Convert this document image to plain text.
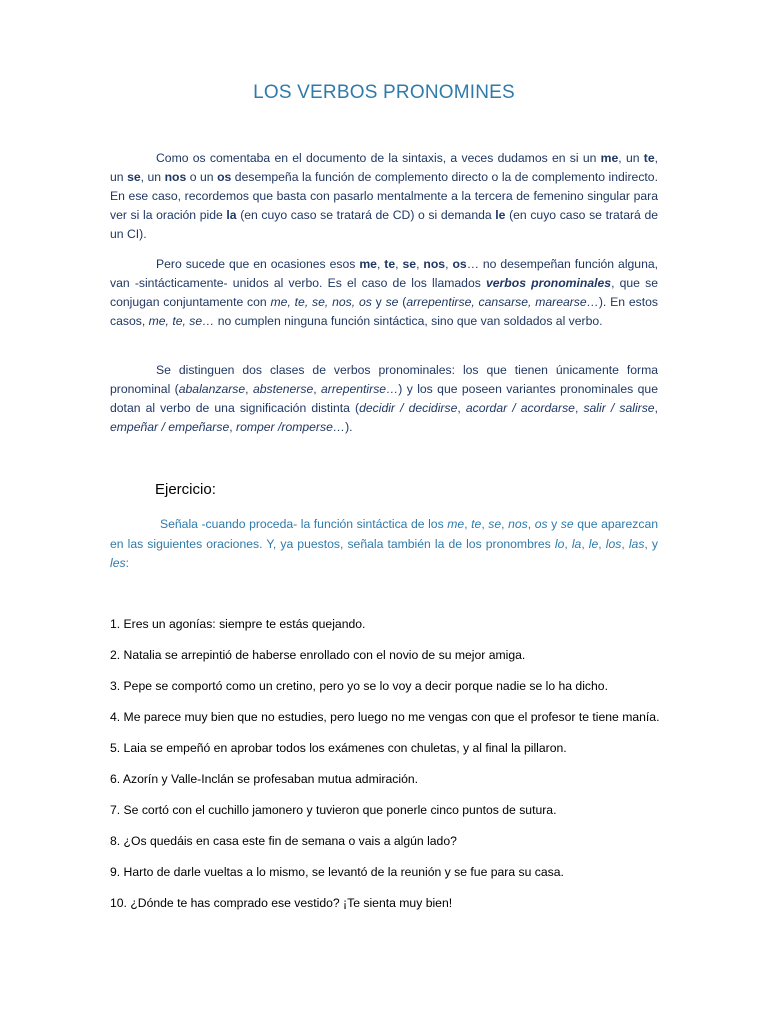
LOS VERBOS PRONOMINES
Como os comentaba en el documento de la sintaxis, a veces dudamos en si un me, un te, un se, un nos o un os desempeña la función de complemento directo o la de complemento indirecto. En ese caso, recordemos que basta con pasarlo mentalmente a la tercera de femenino singular para ver si la oración pide la (en cuyo caso se tratará de CD) o si demanda le (en cuyo caso se tratará de un CI).
Pero sucede que en ocasiones esos me, te, se, nos, os… no desempeñan función alguna, van -sintácticamente- unidos al verbo. Es el caso de los llamados verbos pronominales, que se conjugan conjuntamente con me, te, se, nos, os y se (arrepentirse, cansarse, marearse…). En estos casos, me, te, se… no cumplen ninguna función sintáctica, sino que van soldados al verbo.
Se distinguen dos clases de verbos pronominales: los que tienen únicamente forma pronominal (abalanzarse, abstenerse, arrepentirse…) y los que poseen variantes pronominales que dotan al verbo de una significación distinta (decidir / decidirse, acordar / acordarse, salir / salirse, empeñar / empeñarse, romper /romperse…).
Ejercicio:
Señala -cuando proceda- la función sintáctica de los me, te, se, nos, os y se que aparezcan en las siguientes oraciones. Y, ya puestos, señala también la de los pronombres lo, la, le, los, las, y les:
1. Eres un agonías: siempre te estás quejando.
2. Natalia se arrepintió de haberse enrollado con el novio de su mejor amiga.
3. Pepe se comportó como un cretino, pero yo se lo voy a decir porque nadie se lo ha dicho.
4. Me parece muy bien que no estudies, pero luego no me vengas con que el profesor te tiene manía.
5. Laia se empeñó en aprobar todos los exámenes con chuletas, y al final la pillaron.
6. Azorín y Valle-Inclán se profesaban mutua admiración.
7. Se cortó con el cuchillo jamonero y tuvieron que ponerle cinco puntos de sutura.
8. ¿Os quedáis en casa este fin de semana o vais a algún lado?
9. Harto de darle vueltas a lo mismo, se levantó de la reunión y se fue para su casa.
10. ¿Dónde te has comprado ese vestido? ¡Te sienta muy bien!
